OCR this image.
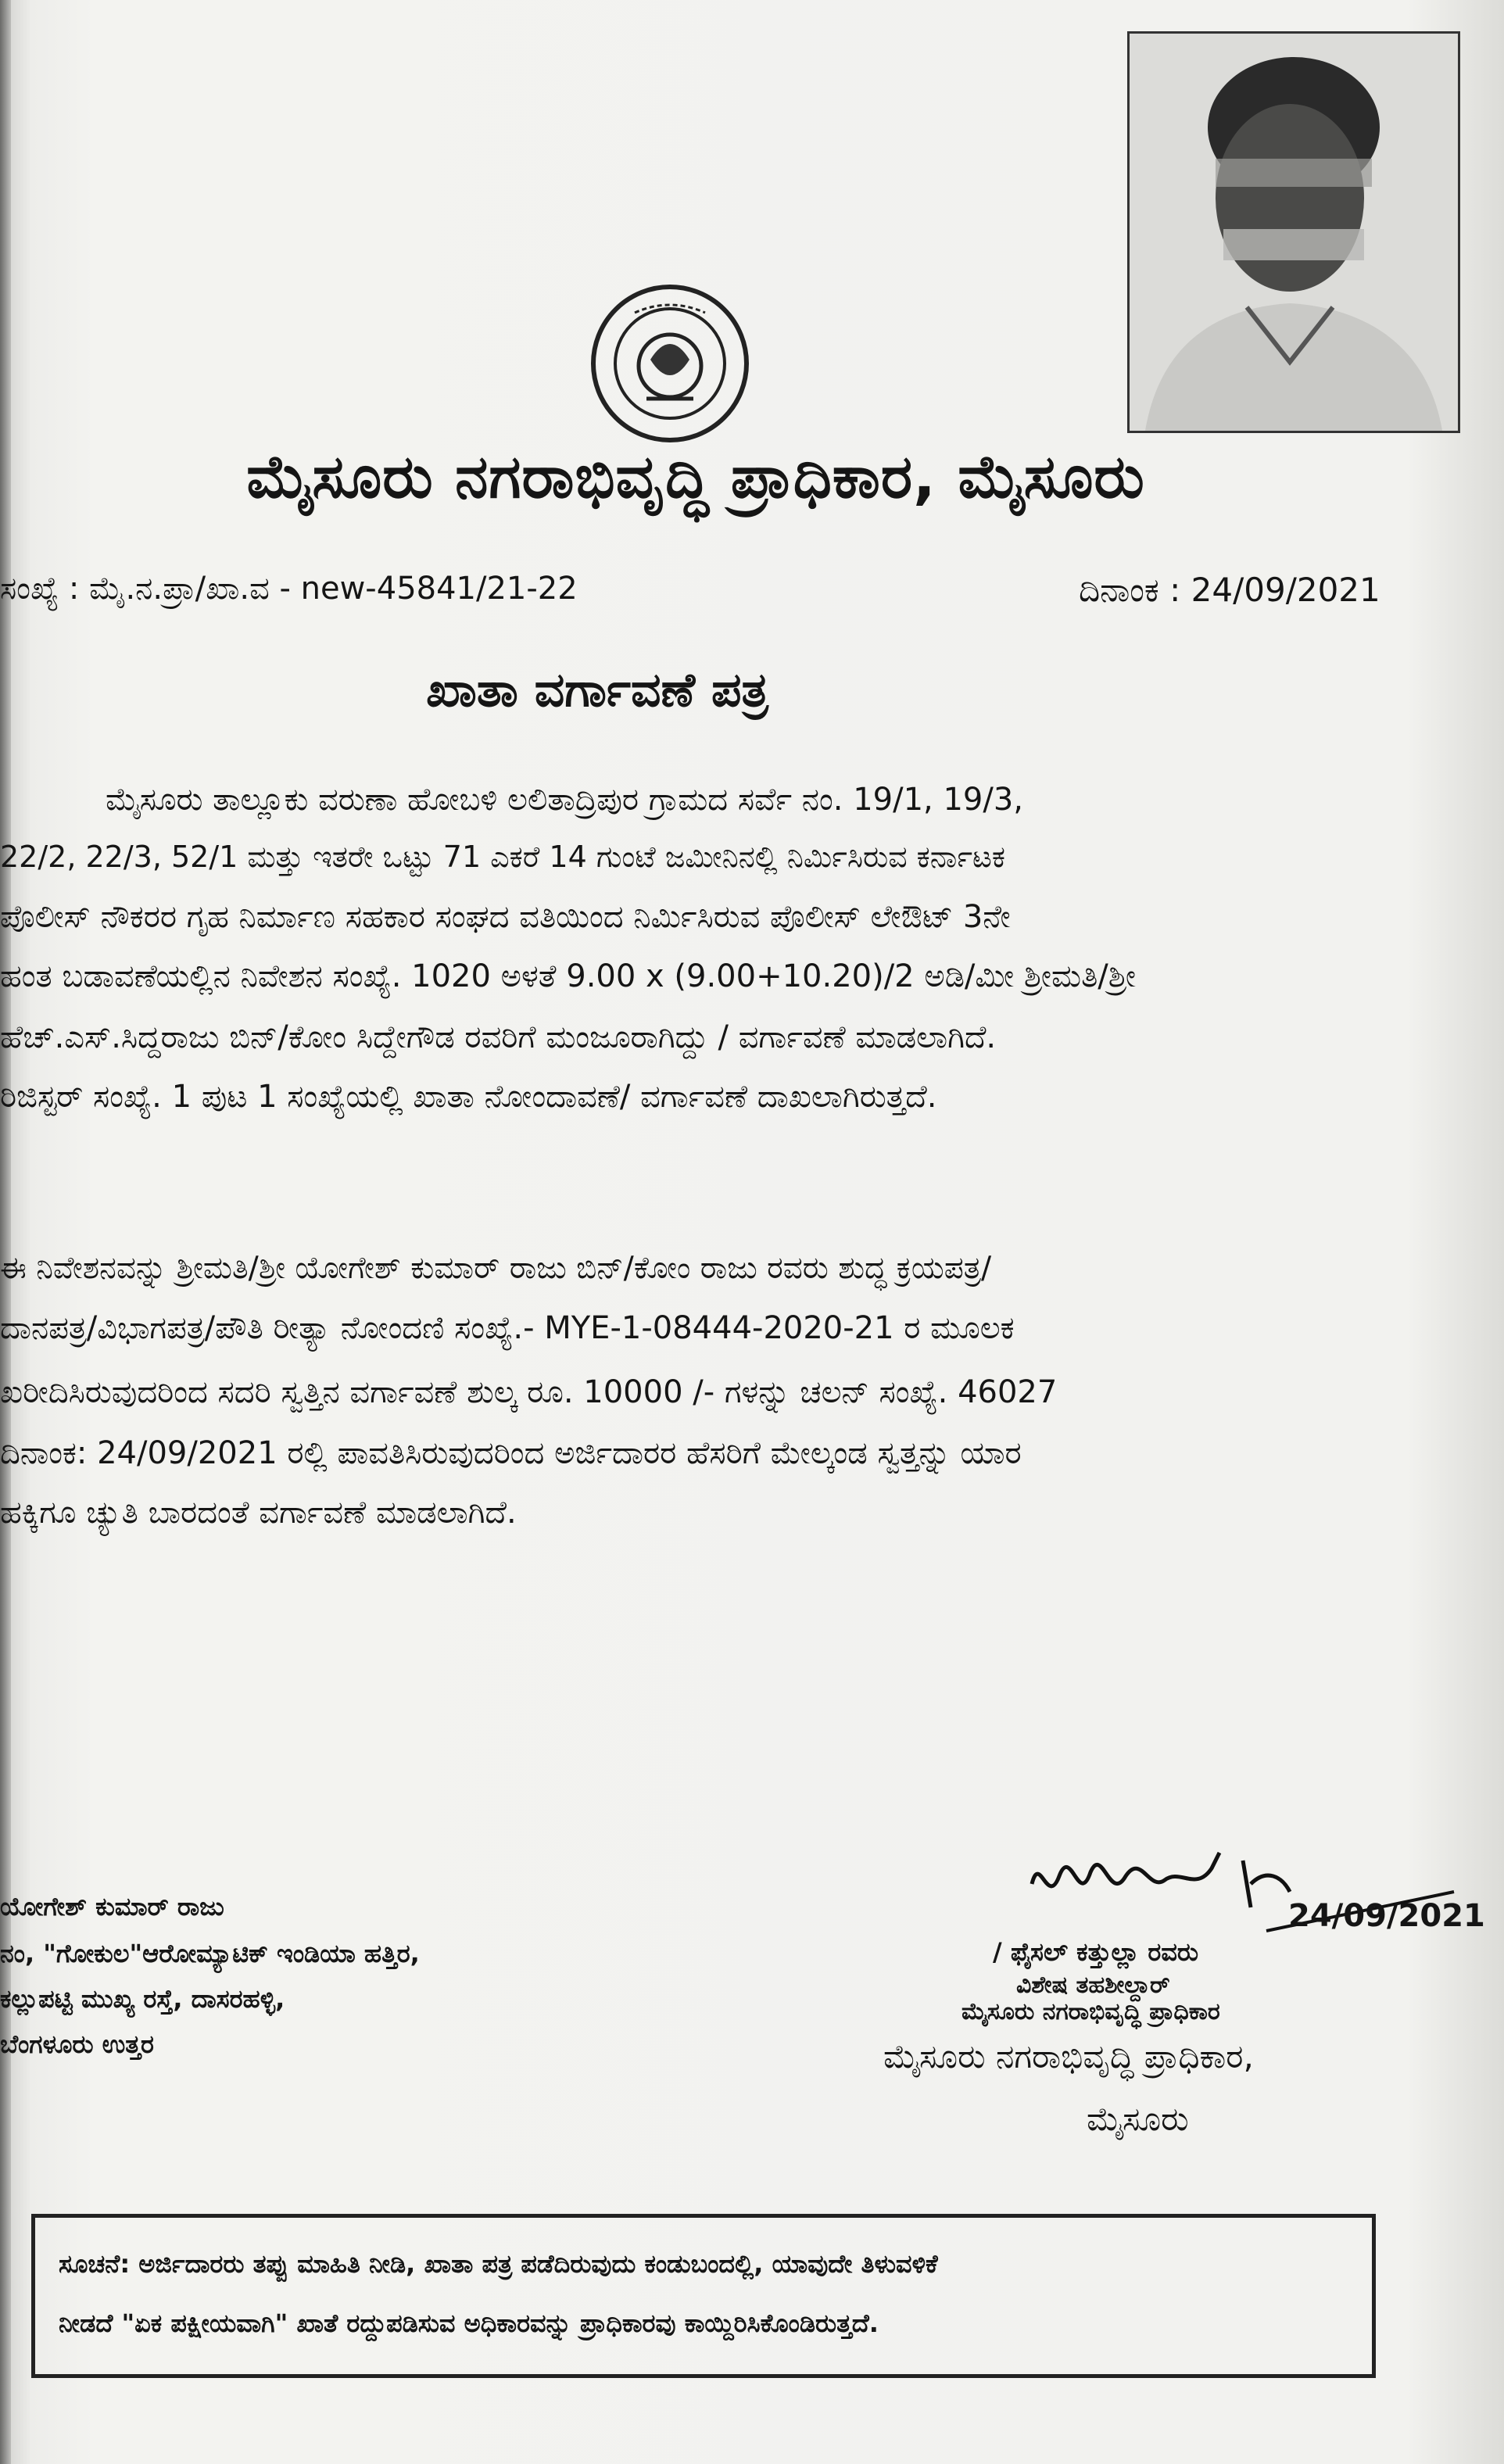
ಮೈಸೂರು ನಗರಾಭಿವೃದ್ಧಿ ಪ್ರಾಧಿಕಾರ, ಮೈಸೂರು
ಸಂಖ್ಯೆ : ಮೈ.ನ.ಪ್ರಾ/ಖಾ.ವ - new-45841/21-22	ದಿನಾಂಕ : 24/09/2021
ಖಾತಾ ವರ್ಗಾವಣೆ ಪತ್ರ
ಮೈಸೂರು ತಾಲ್ಲೂಕು ವರುಣಾ ಹೋಬಳಿ ಲಲಿತಾದ್ರಿಪುರ ಗ್ರಾಮದ ಸರ್ವೆ ನಂ. 19/1, 19/3,
22/2, 22/3, 52/1 ಮತ್ತು ಇತರೇ ಒಟ್ಟು 71 ಎಕರೆ 14 ಗುಂಟೆ ಜಮೀನಿನಲ್ಲಿ ನಿರ್ಮಿಸಿರುವ ಕರ್ನಾಟಕ
ಪೊಲೀಸ್ ನೌಕರರ ಗೃಹ ನಿರ್ಮಾಣ ಸಹಕಾರ ಸಂಘದ ವತಿಯಿಂದ ನಿರ್ಮಿಸಿರುವ ಪೊಲೀಸ್ ಲೇಔಟ್ 3ನೇ
ಹಂತ ಬಡಾವಣೆಯಲ್ಲಿನ ನಿವೇಶನ ಸಂಖ್ಯೆ. 1020 ಅಳತೆ 9.00 x (9.00+10.20)/2 ಅಡಿ/ಮೀ ಶ್ರೀಮತಿ/ಶ್ರೀ
ಹೆಚ್.ಎಸ್.ಸಿದ್ದರಾಜು ಬಿನ್/ಕೋಂ ಸಿದ್ದೇಗೌಡ ರವರಿಗೆ ಮಂಜೂರಾಗಿದ್ದು / ವರ್ಗಾವಣೆ ಮಾಡಲಾಗಿದೆ.
ರಿಜಿಸ್ಟರ್ ಸಂಖ್ಯೆ. 1 ಪುಟ 1 ಸಂಖ್ಯೆಯಲ್ಲಿ ಖಾತಾ ನೋಂದಾವಣೆ/ ವರ್ಗಾವಣೆ ದಾಖಲಾಗಿರುತ್ತದೆ.
ಈ ನಿವೇಶನವನ್ನು ಶ್ರೀಮತಿ/ಶ್ರೀ ಯೋಗೇಶ್ ಕುಮಾರ್ ರಾಜು ಬಿನ್/ಕೋಂ ರಾಜು ರವರು ಶುದ್ಧ ಕ್ರಯಪತ್ರ/
ದಾನಪತ್ರ/ವಿಭಾಗಪತ್ರ/ಪೌತಿ ರೀತ್ಯಾ ನೋಂದಣಿ ಸಂಖ್ಯೆ.- MYE-1-08444-2020-21 ರ ಮೂಲಕ
ಖರೀದಿಸಿರುವುದರಿಂದ ಸದರಿ ಸ್ವತ್ತಿನ ವರ್ಗಾವಣೆ ಶುಲ್ಕ ರೂ. 10000 /- ಗಳನ್ನು ಚಲನ್ ಸಂಖ್ಯೆ. 46027
ದಿನಾಂಕ: 24/09/2021 ರಲ್ಲಿ ಪಾವತಿಸಿರುವುದರಿಂದ ಅರ್ಜಿದಾರರ ಹೆಸರಿಗೆ ಮೇಲ್ಕಂಡ ಸ್ವತ್ತನ್ನು ಯಾರ
ಹಕ್ಕಿಗೂ ಚ್ಯುತಿ ಬಾರದಂತೆ ವರ್ಗಾವಣೆ ಮಾಡಲಾಗಿದೆ.
ಯೋಗೇಶ್ ಕುಮಾರ್ ರಾಜು
ನಂ, "ಗೋಕುಲ"ಆರೋಮ್ಯಾಟಿಕ್ ಇಂಡಿಯಾ ಹತ್ತಿರ,
ಕಲ್ಲುಪಟ್ಟಿ ಮುಖ್ಯ ರಸ್ತೆ, ದಾಸರಹಳ್ಳಿ,
ಬೆಂಗಳೂರು ಉತ್ತರ
24/09/2021
/ ಫೈಸಲ್ ಕತ್ತುಲ್ಲಾ ರವರು
ವಿಶೇಷ ತಹಶೀಲ್ದಾರ್
ಮೈಸೂರು ನಗರಾಭಿವೃದ್ಧಿ ಪ್ರಾಧಿಕಾರ
ಮೈಸೂರು ನಗರಾಭಿವೃದ್ಧಿ ಪ್ರಾಧಿಕಾರ,
ಮೈಸೂರು
ಸೂಚನೆ: ಅರ್ಜಿದಾರರು ತಪ್ಪು ಮಾಹಿತಿ ನೀಡಿ, ಖಾತಾ ಪತ್ರ ಪಡೆದಿರುವುದು ಕಂಡುಬಂದಲ್ಲಿ, ಯಾವುದೇ ತಿಳುವಳಿಕೆ
ನೀಡದೆ "ಏಕ ಪಕ್ಷೀಯವಾಗಿ" ಖಾತೆ ರದ್ದುಪಡಿಸುವ ಅಧಿಕಾರವನ್ನು ಪ್ರಾಧಿಕಾರವು ಕಾಯ್ದಿರಿಸಿಕೊಂಡಿರುತ್ತದೆ.
